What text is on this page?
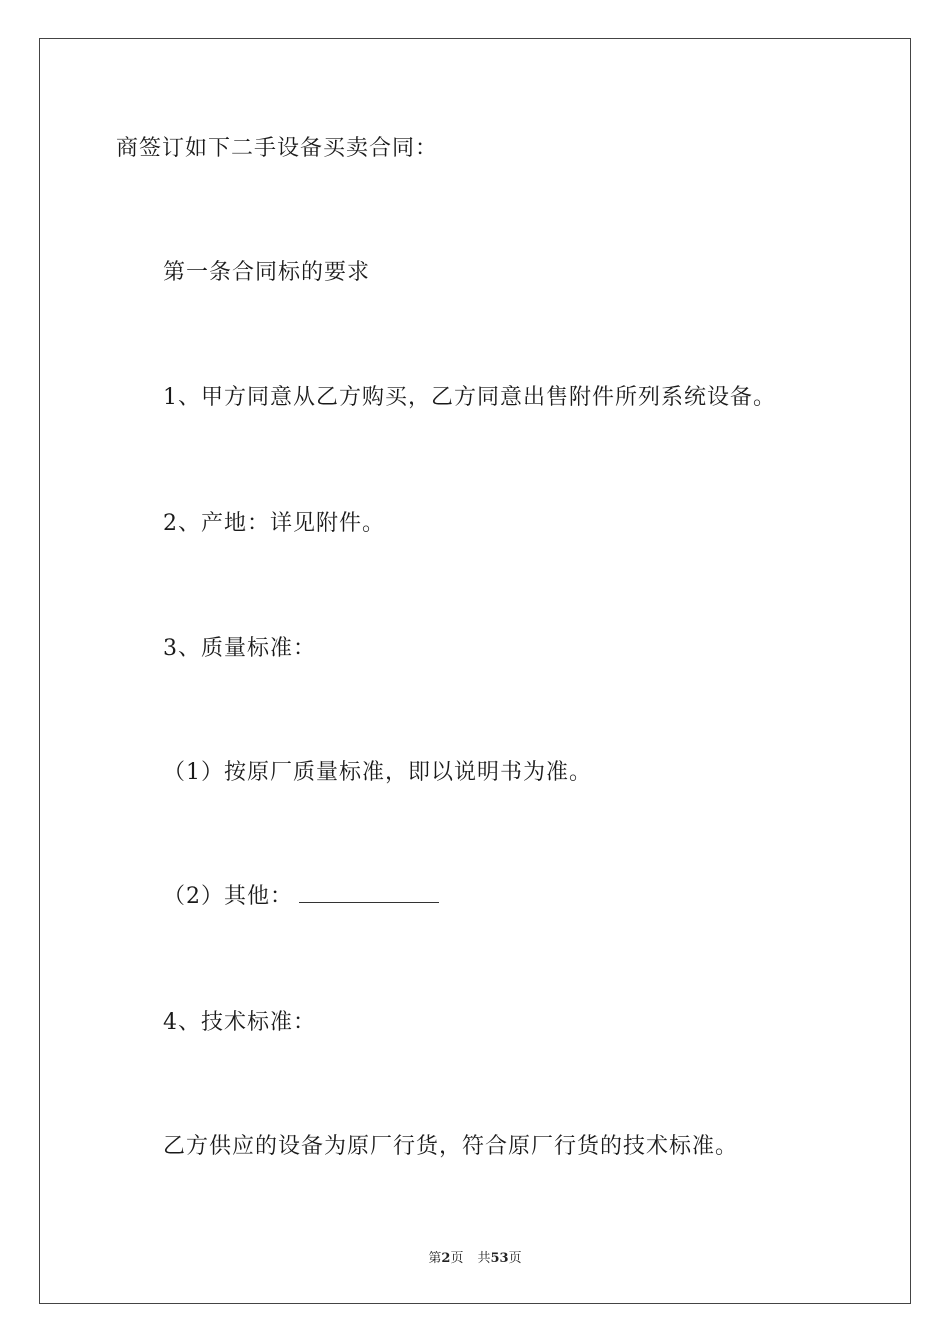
商签订如下二手设备买卖合同：
第一条合同标的要求
1、甲方同意从乙方购买，乙方同意出售附件所列系统设备。
2、产地：详见附件。
3、质量标准：
（1）按原厂质量标准，即以说明书为准。
（2）其他：
4、技术标准：
乙方供应的设备为原厂行货，符合原厂行货的技术标准。
第2页 共53页
